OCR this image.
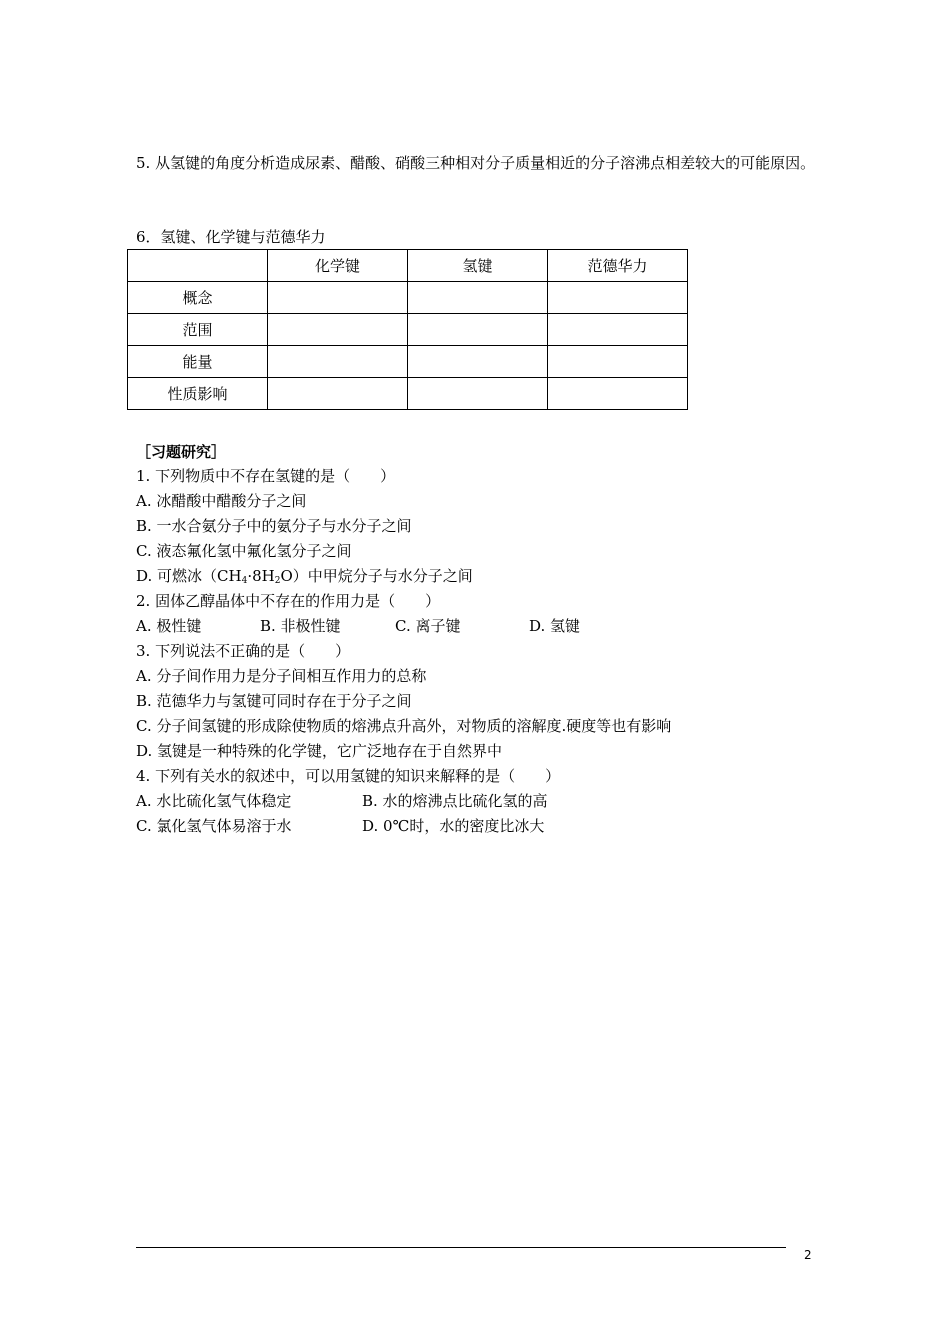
5. 从氢键的角度分析造成尿素、醋酸、硝酸三种相对分子质量相近的分子溶沸点相差较大的可能原因。
6．氢键、化学键与范德华力
	化学键	氢键	范德华力
概念			
范围			
能量			
性质影响			
［习题研究］
1. 下列物质中不存在氢键的是（　　）
A. 冰醋酸中醋酸分子之间
B. 一水合氨分子中的氨分子与水分子之间
C. 液态氟化氢中氟化氢分子之间
D. 可燃冰$(CH_4\cdot 8H_2O)$中甲烷分子与水分子之间
2. 固体乙醇晶体中不存在的作用力是（　　）
A. 极性键	B. 非极性键	C. 离子键	D. 氢键
3. 下列说法不正确的是（　　）
A. 分子间作用力是分子间相互作用力的总称
B. 范德华力与氢键可同时存在于分子之间
C. 分子间氢键的形成除使物质的熔沸点升高外，对物质的溶解度.硬度等也有影响
D. 氢键是一种特殊的化学键，它广泛地存在于自然界中
4. 下列有关水的叙述中，可以用氢键的知识来解释的是（　　）
A. 水比硫化氢气体稳定	B. 水的熔沸点比硫化氢的高
C. 氯化氢气体易溶于水	D. 0℃时，水的密度比冰大
2
